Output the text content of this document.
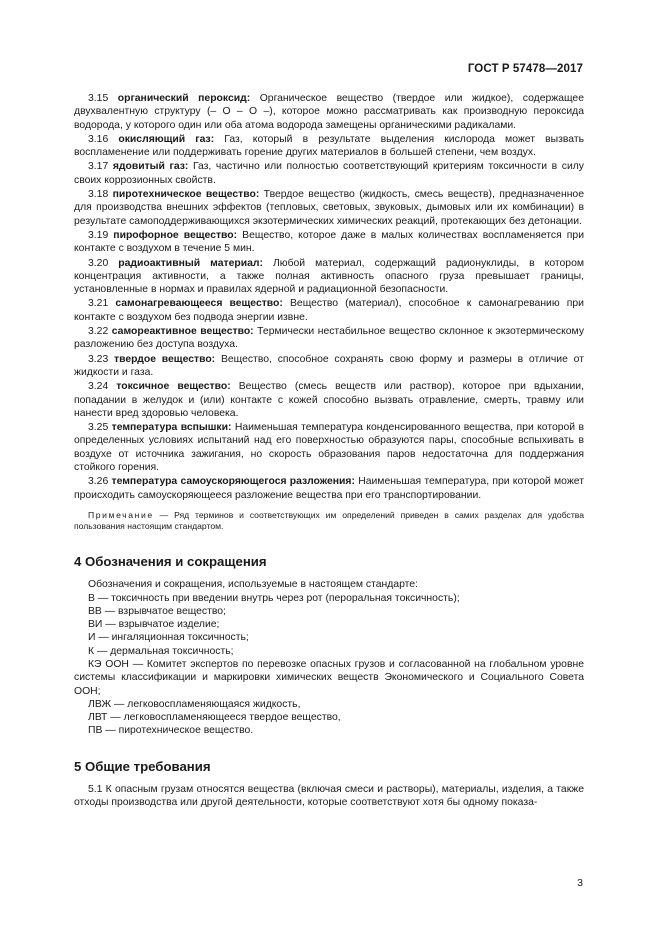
ГОСТ Р 57478—2017

3.15 органический пероксид: Органическое вещество (твердое или жидкое), содержащее двухвалентную структуру (– О – О –), которое можно рассматривать как производную пероксида водорода, у которого один или оба атома водорода замещены органическими радикалами.

3.16 окисляющий газ: Газ, который в результате выделения кислорода может вызвать воспламенение или поддерживать горение других материалов в большей степени, чем воздух.

3.17 ядовитый газ: Газ, частично или полностью соответствующий критериям токсичности в силу своих коррозионных свойств.

3.18 пиротехническое вещество: Твердое вещество (жидкость, смесь веществ), предназначенное для производства внешних эффектов (тепловых, световых, звуковых, дымовых или их комбинации) в результате самоподдерживающихся экзотермических химических реакций, протекающих без детонации.

3.19 пирофорное вещество: Вещество, которое даже в малых количествах воспламеняется при контакте с воздухом в течение 5 мин.

3.20 радиоактивный материал: Любой материал, содержащий радионуклиды, в котором концентрация активности, а также полная активность опасного груза превышает границы, установленные в нормах и правилах ядерной и радиационной безопасности.

3.21 самонагревающееся вещество: Вещество (материал), способное к самонагреванию при контакте с воздухом без подвода энергии извне.

3.22 самореактивное вещество: Термически нестабильное вещество склонное к экзотермическому разложению без доступа воздуха.

3.23 твердое вещество: Вещество, способное сохранять свою форму и размеры в отличие от жидкости и газа.

3.24 токсичное вещество: Вещество (смесь веществ или раствор), которое при вдыхании, попадании в желудок и (или) контакте с кожей способно вызвать отравление, смерть, травму или нанести вред здоровью человека.

3.25 температура вспышки: Наименьшая температура конденсированного вещества, при которой в определенных условиях испытаний над его поверхностью образуются пары, способные вспыхивать в воздухе от источника зажигания, но скорость образования паров недостаточна для поддержания стойкого горения.

3.26 температура самоускоряющегося разложения: Наименьшая температура, при которой может происходить самоускоряющееся разложение вещества при его транспортировании.

Примечание — Ряд терминов и соответствующих им определений приведен в самих разделах для удобства пользования настоящим стандартом.

4 Обозначения и сокращения

Обозначения и сокращения, используемые в настоящем стандарте:

В — токсичность при введении внутрь через рот (пероральная токсичность);

ВВ — взрывчатое вещество;

ВИ — взрывчатое изделие;

И — ингаляционная токсичность;

К — дермальная токсичность;

КЭ ООН — Комитет экспертов по перевозке опасных грузов и согласованной на глобальном уровне системы классификации и маркировки химических веществ Экономического и Социального Совета ООН;

ЛВЖ — легковоспламеняющаяся жидкость,

ЛВТ — легковоспламеняющееся твердое вещество,

ПВ — пиротехническое вещество.

5 Общие требования

5.1 К опасным грузам относятся вещества (включая смеси и растворы), материалы, изделия, а также отходы производства или другой деятельности, которые соответствуют хотя бы одному показа-

3
